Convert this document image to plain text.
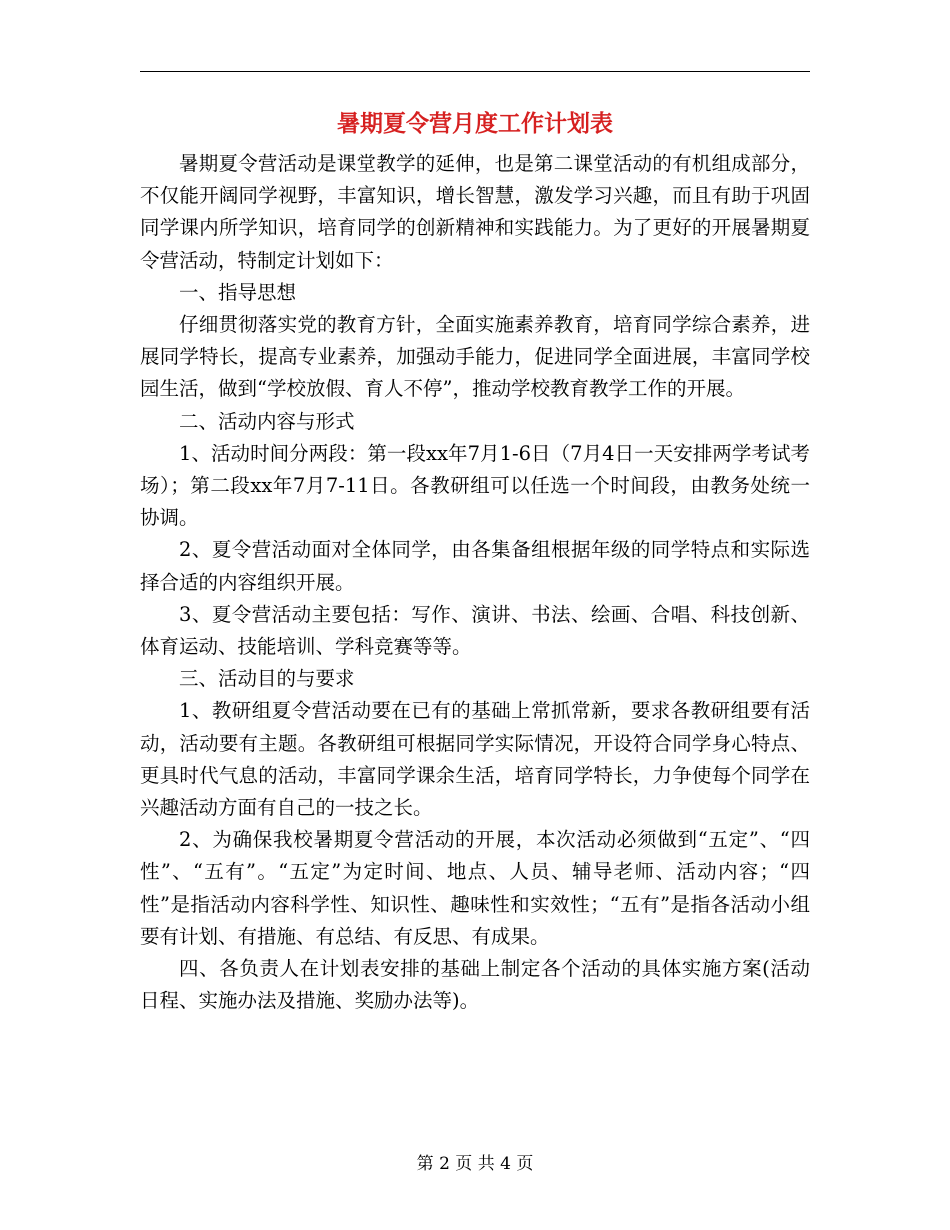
暑期夏令营月度工作计划表

暑期夏令营活动是课堂教学的延伸，也是第二课堂活动的有机组成部分，不仅能开阔同学视野，丰富知识，增长智慧，激发学习兴趣，而且有助于巩固同学课内所学知识，培育同学的创新精神和实践能力。为了更好的开展暑期夏令营活动，特制定计划如下：

一、指导思想

仔细贯彻落实党的教育方针，全面实施素养教育，培育同学综合素养，进展同学特长，提高专业素养，加强动手能力，促进同学全面进展，丰富同学校园生活，做到“学校放假、育人不停”，推动学校教育教学工作的开展。

二、活动内容与形式

1、活动时间分两段：第一段xx年7月1-6日（7月4日一天安排两学考试考场）；第二段xx年7月7-11日。各教研组可以任选一个时间段，由教务处统一协调。

2、夏令营活动面对全体同学，由各集备组根据年级的同学特点和实际选择合适的内容组织开展。

3、夏令营活动主要包括：写作、演讲、书法、绘画、合唱、科技创新、体育运动、技能培训、学科竞赛等等。

三、活动目的与要求

1、教研组夏令营活动要在已有的基础上常抓常新，要求各教研组要有活动，活动要有主题。各教研组可根据同学实际情况，开设符合同学身心特点、更具时代气息的活动，丰富同学课余生活，培育同学特长，力争使每个同学在兴趣活动方面有自己的一技之长。

2、为确保我校暑期夏令营活动的开展，本次活动必须做到“五定”、“四性”、“五有”。“五定”为定时间、地点、人员、辅导老师、活动内容；“四性”是指活动内容科学性、知识性、趣味性和实效性；“五有”是指各活动小组要有计划、有措施、有总结、有反思、有成果。

四、各负责人在计划表安排的基础上制定各个活动的具体实施方案(活动日程、实施办法及措施、奖励办法等)。

第 2 页 共 4 页
